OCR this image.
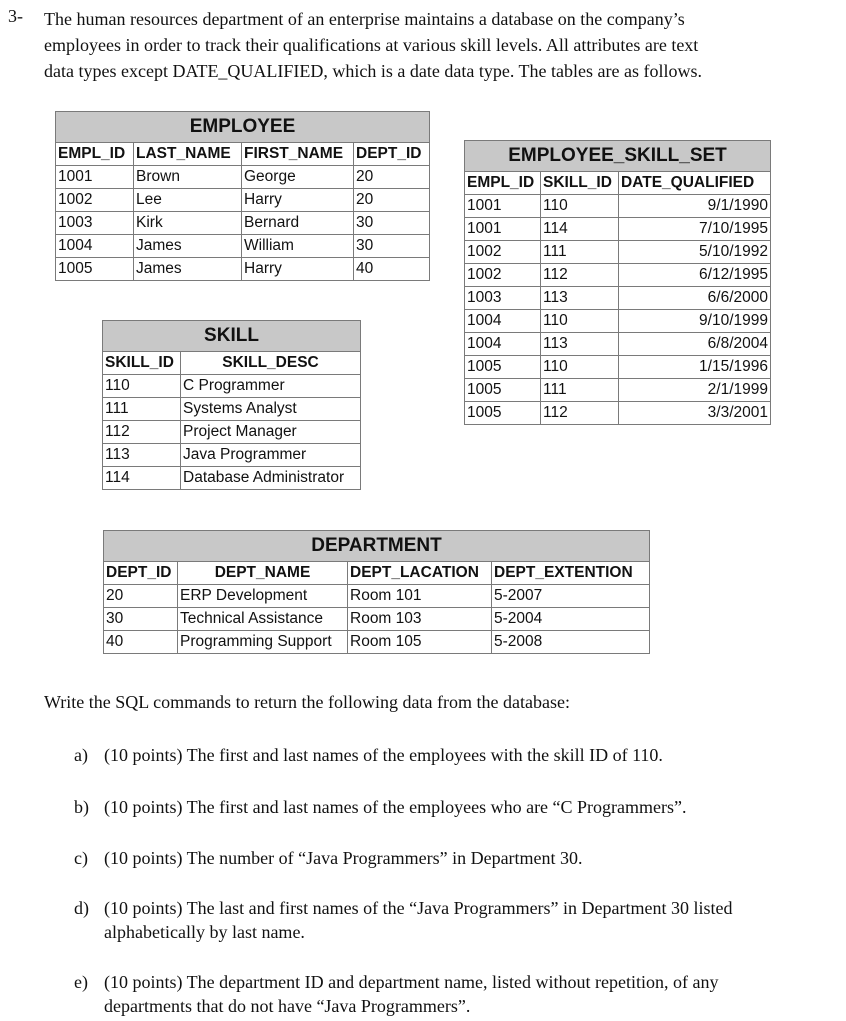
3- The human resources department of an enterprise maintains a database on the company’s

employees in order to track their qualifications at various skill levels. All attributes are text

data types except DATE_QUALIFIED, which is a date data type. The tables are as follows.

EMPLOYEE			
EMPL_ID	LAST_NAME	FIRST_NAME	DEPT_ID
1001	Brown	George	20
1002	Lee	Harry	20
1003	Kirk	Bernard	30
1004	James	William	30
1005	James	Harry	40
EMPLOYEE_SKILL_SET		
EMPL_ID	SKILL_ID	DATE_QUALIFIED
1001	110	9/1/1990
1001	114	7/10/1995
1002	111	5/10/1992
1002	112	6/12/1995
1003	113	6/6/2000
1004	110	9/10/1999
1004	113	6/8/2004
1005	110	1/15/1996
1005	111	2/1/1999
1005	112	3/3/2001
SKILL	
SKILL_ID	SKILL_DESC
110	C Programmer
111	Systems Analyst
112	Project Manager
113	Java Programmer
114	Database Administrator
DEPARTMENT			
DEPT_ID	DEPT_NAME	DEPT_LACATION	DEPT_EXTENTION
20	ERP Development	Room 101	5-2007
30	Technical Assistance	Room 103	5-2004
40	Programming Support	Room 105	5-2008
Write the SQL commands to return the following data from the database:
a) (10 points) The first and last names of the employees with the skill ID of 110.
b) (10 points) The first and last names of the employees who are “C Programmers”.
c) (10 points) The number of “Java Programmers” in Department 30.
d) (10 points) The last and first names of the “Java Programmers” in Department 30 listed alphabetically by last name.
e) (10 points) The department ID and department name, listed without repetition, of any departments that do not have “Java Programmers”.
